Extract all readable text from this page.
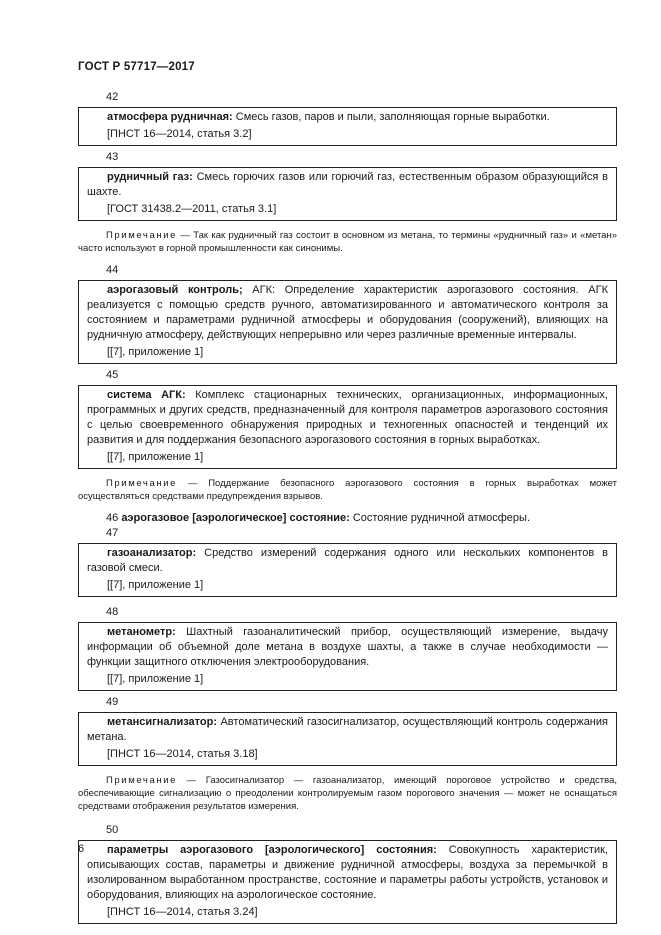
ГОСТ Р 57717—2017
42

атмосфера рудничная: Смесь газов, паров и пыли, заполняющая горные выработки.

[ПНСТ 16—2014, статья 3.2]

43

рудничный газ: Смесь горючих газов или горючий газ, естественным образом образующийся в шахте.

[ГОСТ 31438.2—2011, статья 3.1]

Примечание — Так как рудничный газ состоит в основном из метана, то термины «рудничный газ» и «метан» часто используют в горной промышленности как синонимы.
44

аэрогазовый контроль; АГК: Определение характеристик аэрогазового состояния. АГК реализуется с помощью средств ручного, автоматизированного и автоматического контроля за состоянием и параметрами рудничной атмосферы и оборудования (сооружений), влияющих на рудничную атмосферу, действующих непрерывно или через различные временные интервалы.

[[7], приложение 1]

45

система АГК: Комплекс стационарных технических, организационных, информационных, программных и других средств, предназначенный для контроля параметров аэрогазового состояния с целью своевременного обнаружения природных и техногенных опасностей и тенденций их развития и для поддержания безопасного аэрогазового состояния в горных выработках.

[[7], приложение 1]

Примечание — Поддержание безопасного аэрогазового состояния в горных выработках может осуществляться средствами предупреждения взрывов.
46 аэрогазовое [аэрологическое] состояние: Состояние рудничной атмосферы.
47

газоанализатор: Средство измерений содержания одного или нескольких компонентов в газовой смеси.

[[7], приложение 1]

48

метанометр: Шахтный газоаналитический прибор, осуществляющий измерение, выдачу информации об объемной доле метана в воздухе шахты, а также в случае необходимости — функции защитного отключения электрооборудования.

[[7], приложение 1]

49

метансигнализатор: Автоматический газосигнализатор, осуществляющий контроль содержания метана.

[ПНСТ 16—2014, статья 3.18]

Примечание — Газосигнализатор — газоанализатор, имеющий пороговое устройство и средства, обеспечивающие сигнализацию о преодолении контролируемым газом порогового значения — может не оснащаться средствами отображения результатов измерения.
50

параметры аэрогазового [аэрологического] состояния: Совокупность характеристик, описывающих состав, параметры и движение рудничной атмосферы, воздуха за перемычкой в изолированном выработанном пространстве, состояние и параметры работы устройств, установок и оборудования, влияющих на аэрологическое состояние.

[ПНСТ 16—2014, статья 3.24]

6
